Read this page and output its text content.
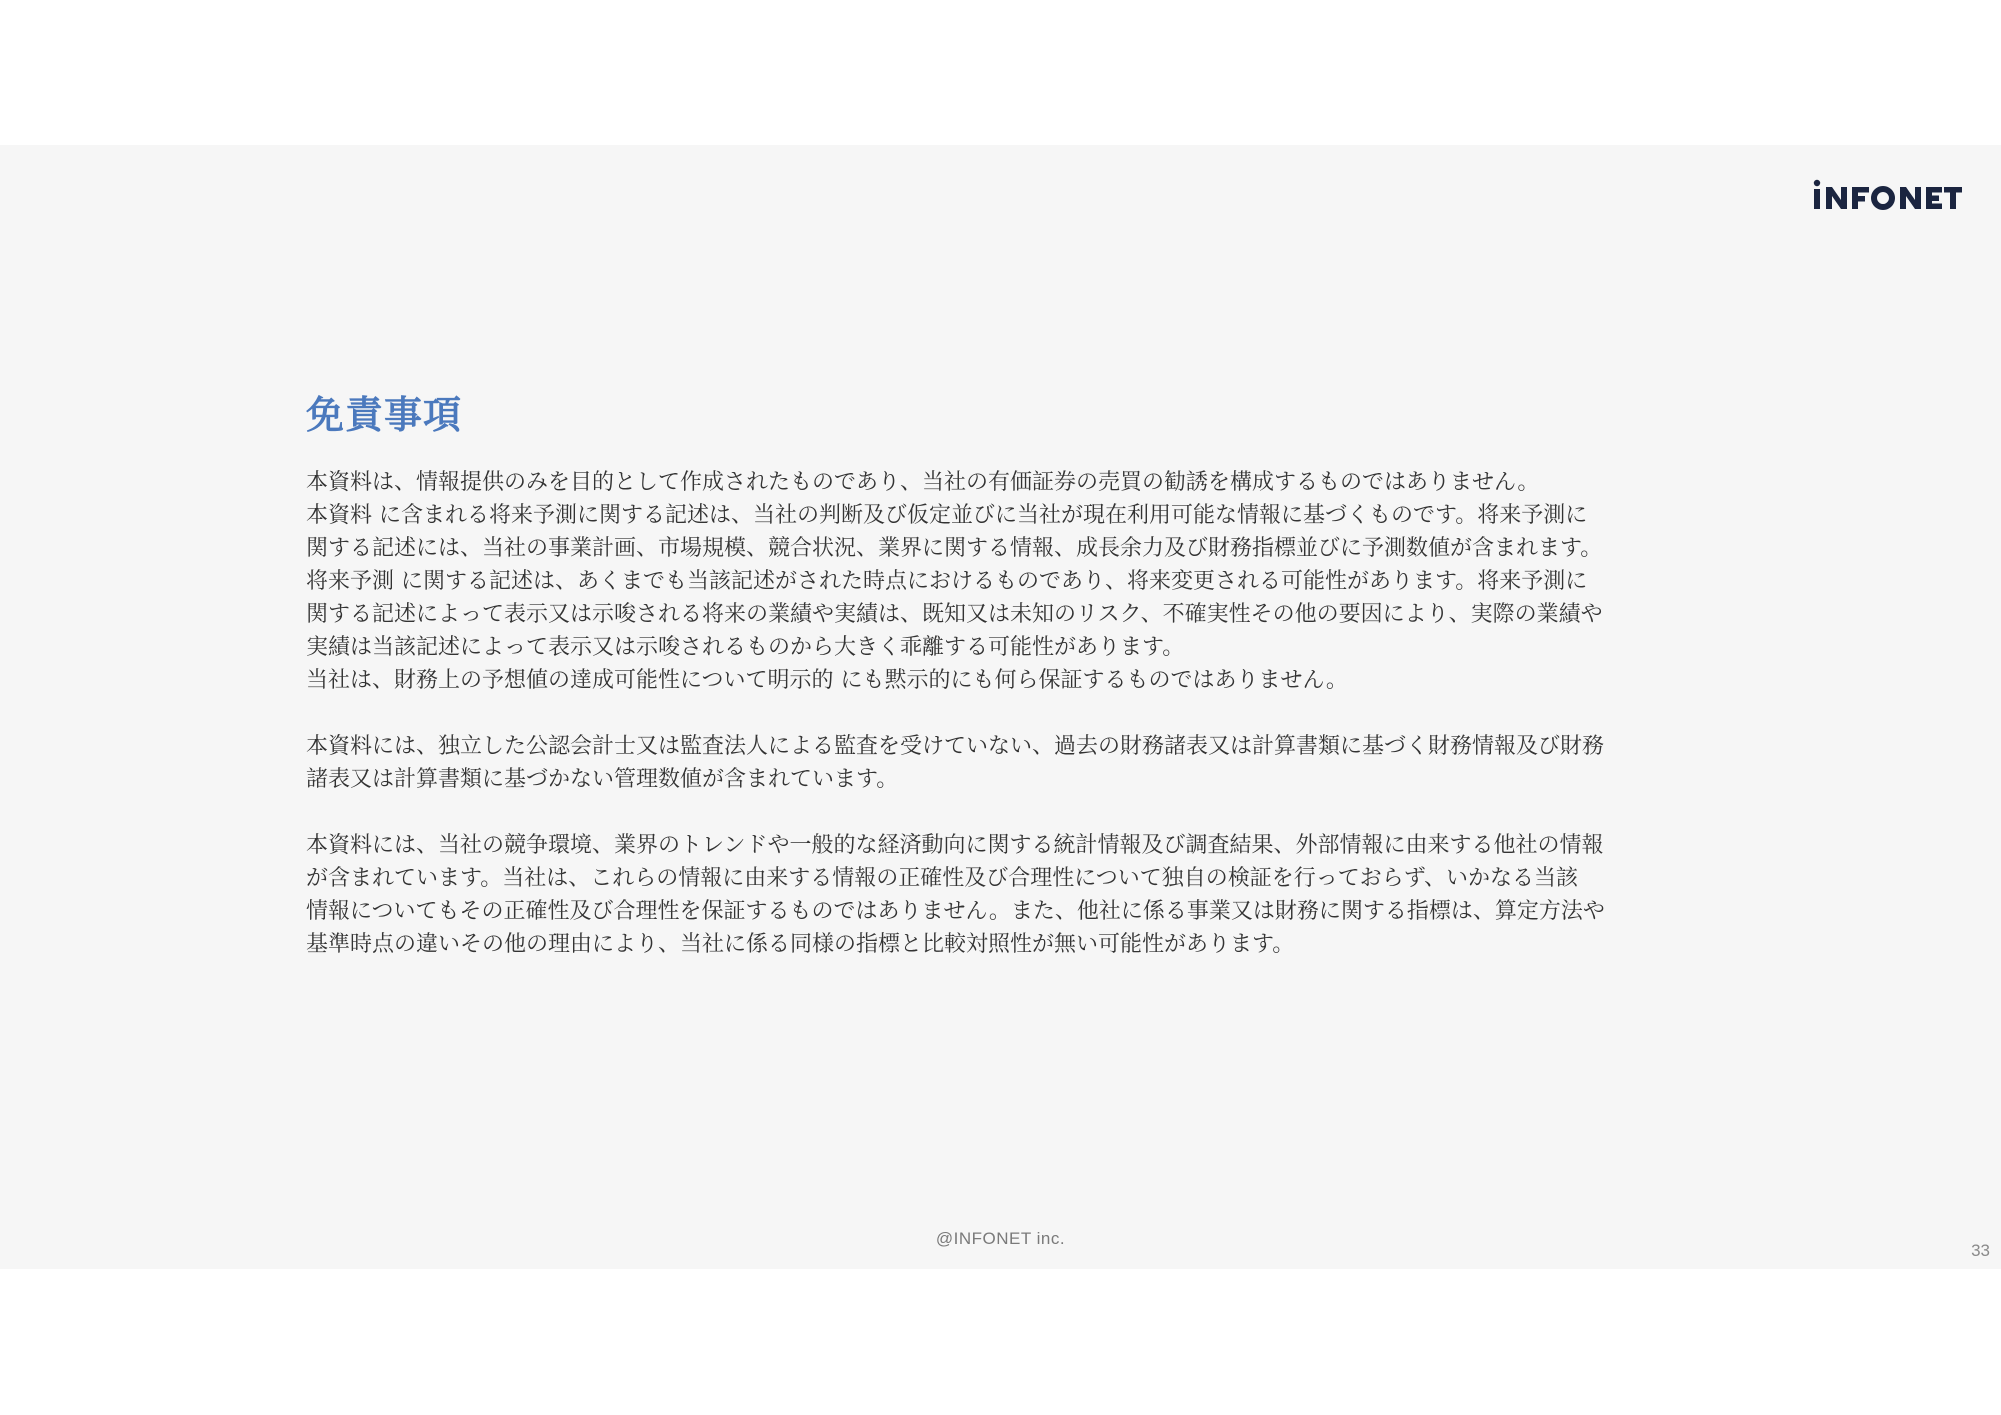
免責事項

本資料は、情報提供のみを目的として作成されたものであり、当社の有価証券の売買の勧誘を構成するものではありません。
本資料 に含まれる将来予測に関する記述は、当社の判断及び仮定並びに当社が現在利用可能な情報に基づくものです。将来予測に
関する記述には、当社の事業計画、市場規模、競合状況、業界に関する情報、成長余力及び財務指標並びに予測数値が含まれます。
将来予測 に関する記述は、あくまでも当該記述がされた時点におけるものであり、将来変更される可能性があります。将来予測に
関する記述によって表示又は示唆される将来の業績や実績は、既知又は未知のリスク、不確実性その他の要因により、実際の業績や
実績は当該記述によって表示又は示唆されるものから大きく乖離する可能性があります。
当社は、財務上の予想値の達成可能性について明示的 にも黙示的にも何ら保証するものではありません。

本資料には、独立した公認会計士又は監査法人による監査を受けていない、過去の財務諸表又は計算書類に基づく財務情報及び財務
諸表又は計算書類に基づかない管理数値が含まれています。

本資料には、当社の競争環境、業界のトレンドや一般的な経済動向に関する統計情報及び調査結果、外部情報に由来する他社の情報
が含まれています。当社は、これらの情報に由来する情報の正確性及び合理性について独自の検証を行っておらず、いかなる当該
情報についてもその正確性及び合理性を保証するものではありません。また、他社に係る事業又は財務に関する指標は、算定方法や
基準時点の違いその他の理由により、当社に係る同様の指標と比較対照性が無い可能性があります。

@INFONET inc.
33
